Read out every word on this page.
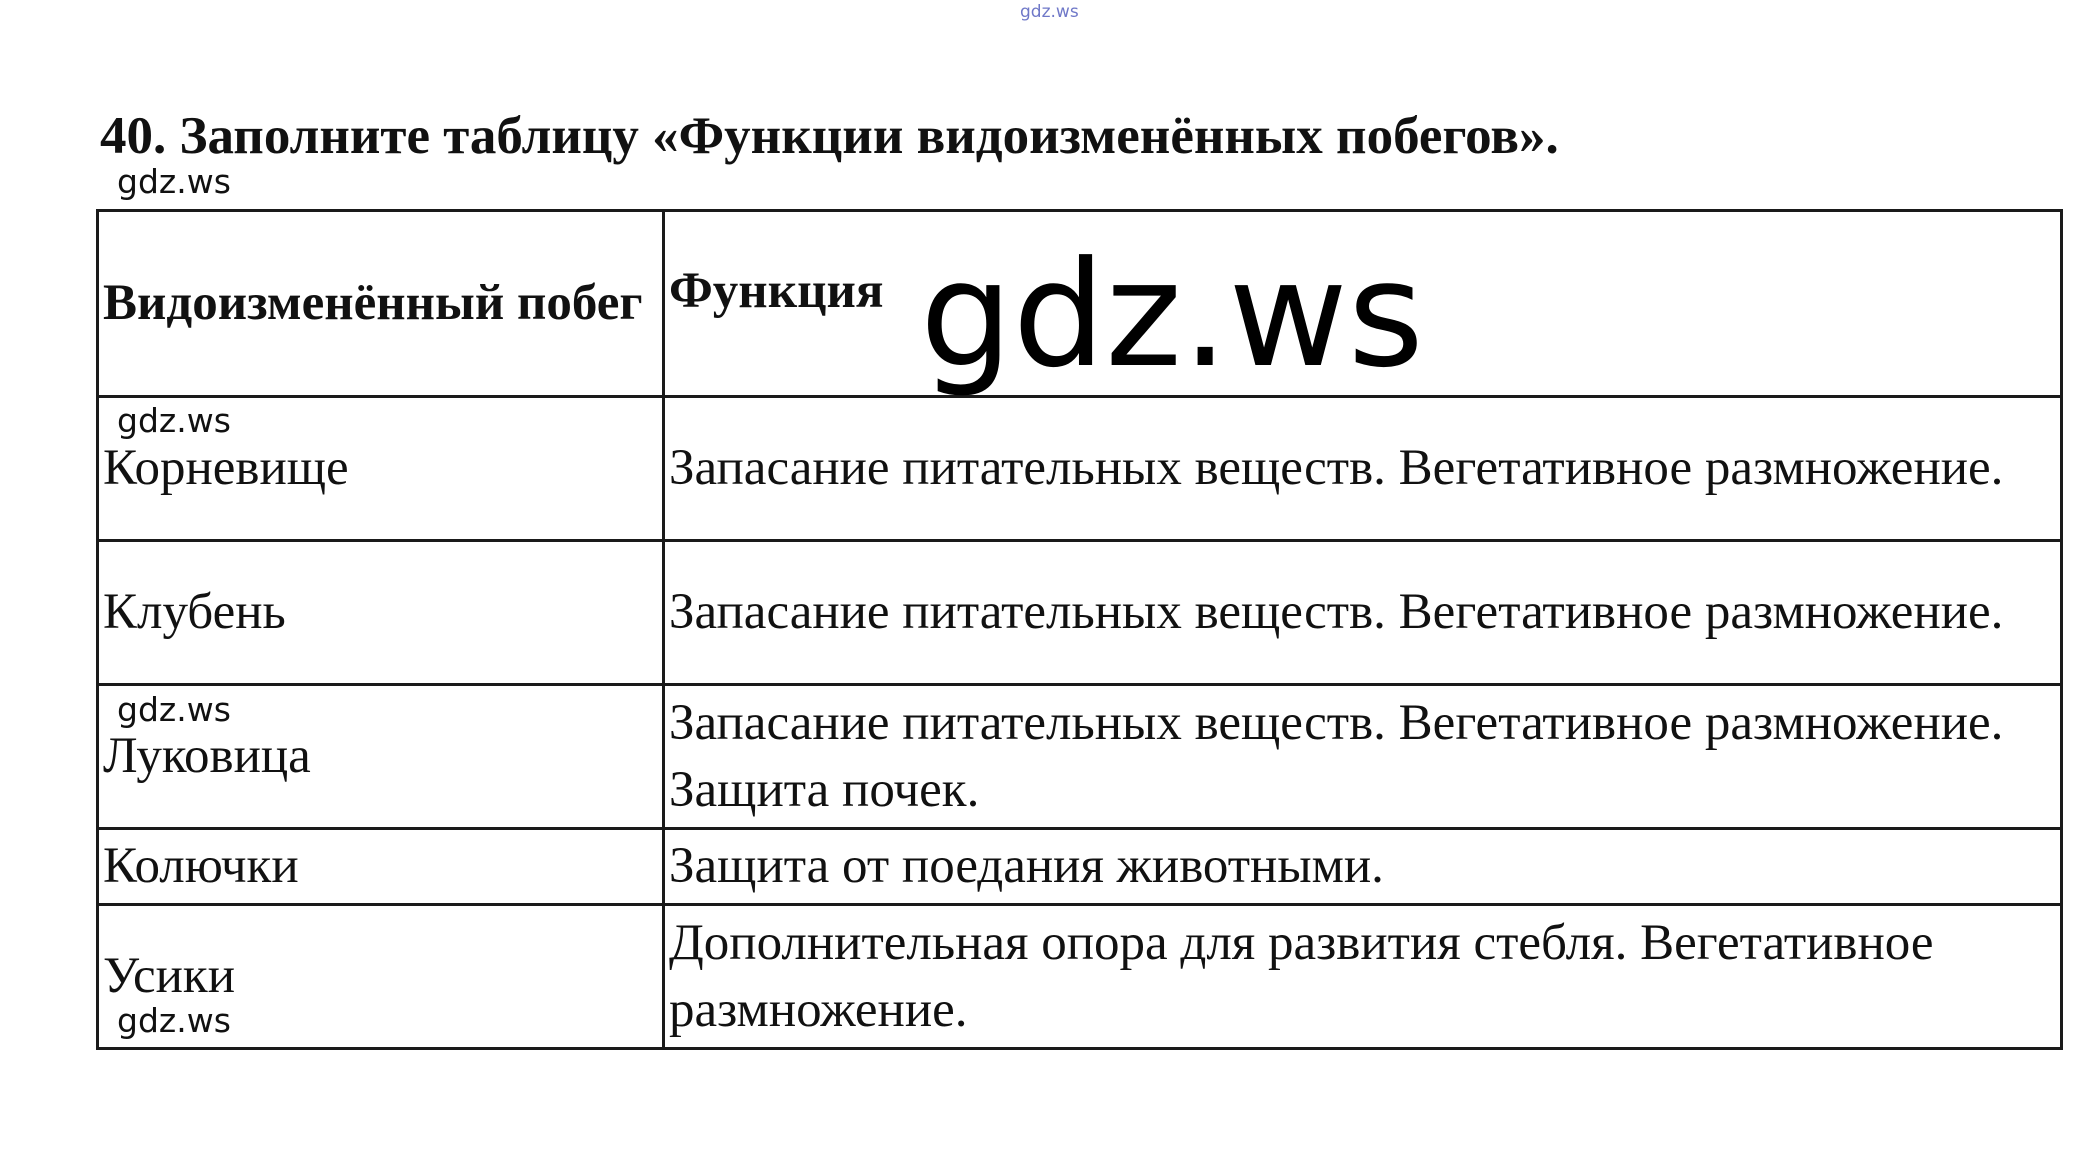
gdz.ws
40. Заполните таблицу «Функции видоизменённых побегов».
gdz.ws
Видоизменённый побег	Функция
Корневище	Запасание питательных веществ. Вегетативное размножение.
Клубень	Запасание питательных веществ. Вегетативное размножение.
Луковица	Запасание питательных веществ. Вегетативное размножение. Защита почек.
Колючки	Защита от поедания животными.
Усики	Дополнительная опора для развития стебля. Вегетативное размножение.
gdz.ws
gdz.ws
gdz.ws
gdz.ws
